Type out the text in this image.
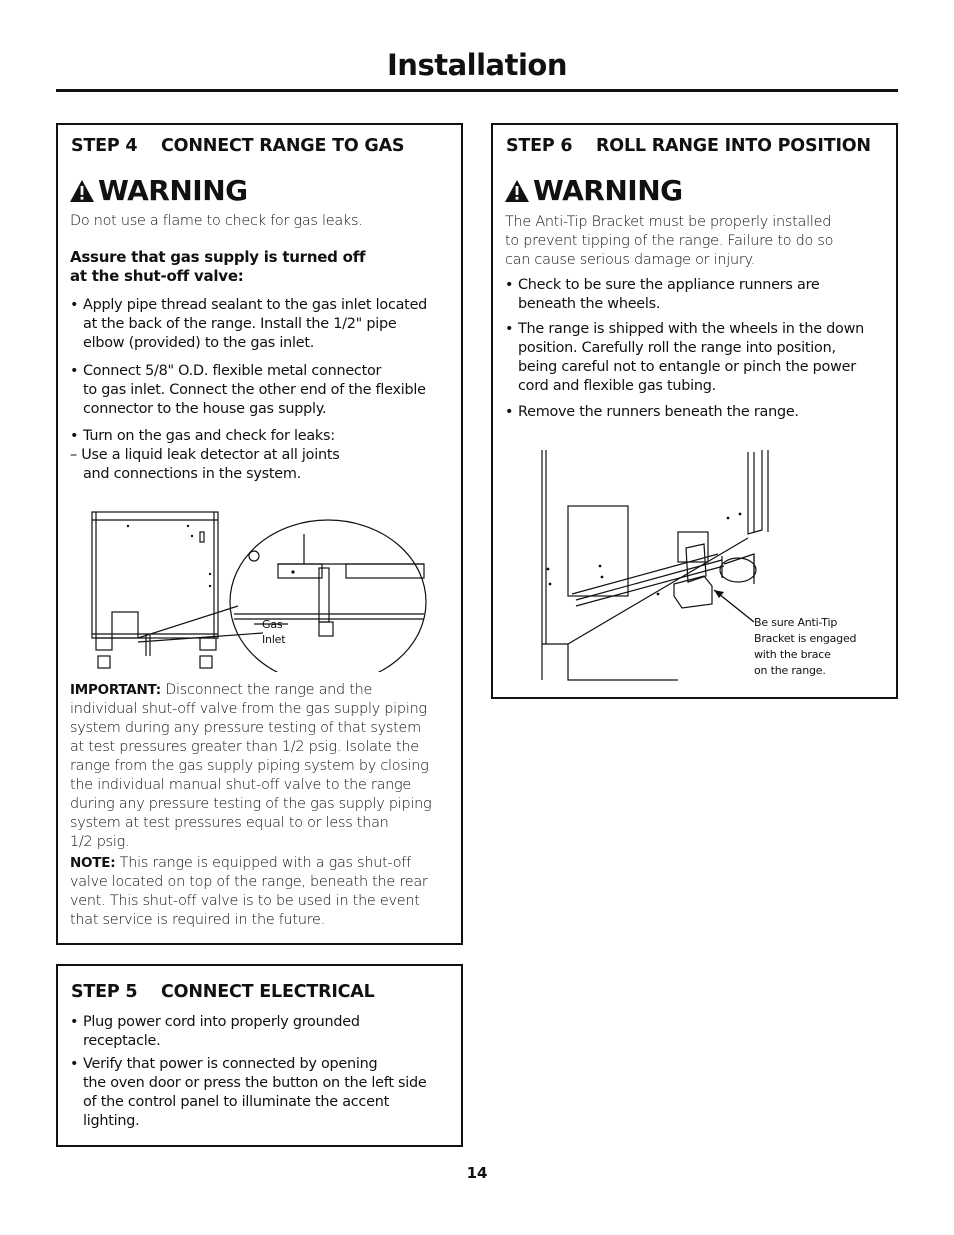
Installation
STEP 4 CONNECT RANGE TO GAS
WARNING
Do not use a flame to check for gas leaks.
Assure that gas supply is turned off
at the shut-off valve:
• Apply pipe thread sealant to the gas inlet located
at the back of the range. Install the 1/2" pipe
elbow (provided) to the gas inlet.
• Connect 5/8" O.D. flexible metal connector
to gas inlet. Connect the other end of the flexible
connector to the house gas supply.
• Turn on the gas and check for leaks:
– Use a liquid leak detector at all joints
and connections in the system.
Gas
Inlet
IMPORTANT: Disconnect the range and the
individual shut-off valve from the gas supply piping
system during any pressure testing of that system
at test pressures greater than 1/2 psig. Isolate the
range from the gas supply piping system by closing
the individual manual shut-off valve to the range
during any pressure testing of the gas supply piping
system at test pressures equal to or less than
1/2 psig.
NOTE: This range is equipped with a gas shut-off
valve located on top of the range, beneath the rear
vent. This shut-off valve is to be used in the event
that service is required in the future.
STEP 5 CONNECT ELECTRICAL
• Plug power cord into properly grounded
receptacle.
• Verify that power is connected by opening
the oven door or press the button on the left side
of the control panel to illuminate the accent
lighting.
STEP 6 ROLL RANGE INTO POSITION
WARNING
The Anti-Tip Bracket must be properly installed
to prevent tipping of the range. Failure to do so
can cause serious damage or injury.
• Check to be sure the appliance runners are
beneath the wheels.
• The range is shipped with the wheels in the down
position. Carefully roll the range into position,
being careful not to entangle or pinch the power
cord and flexible gas tubing.
• Remove the runners beneath the range.
Be sure Anti-Tip
Bracket is engaged
with the brace
on the range.
14
